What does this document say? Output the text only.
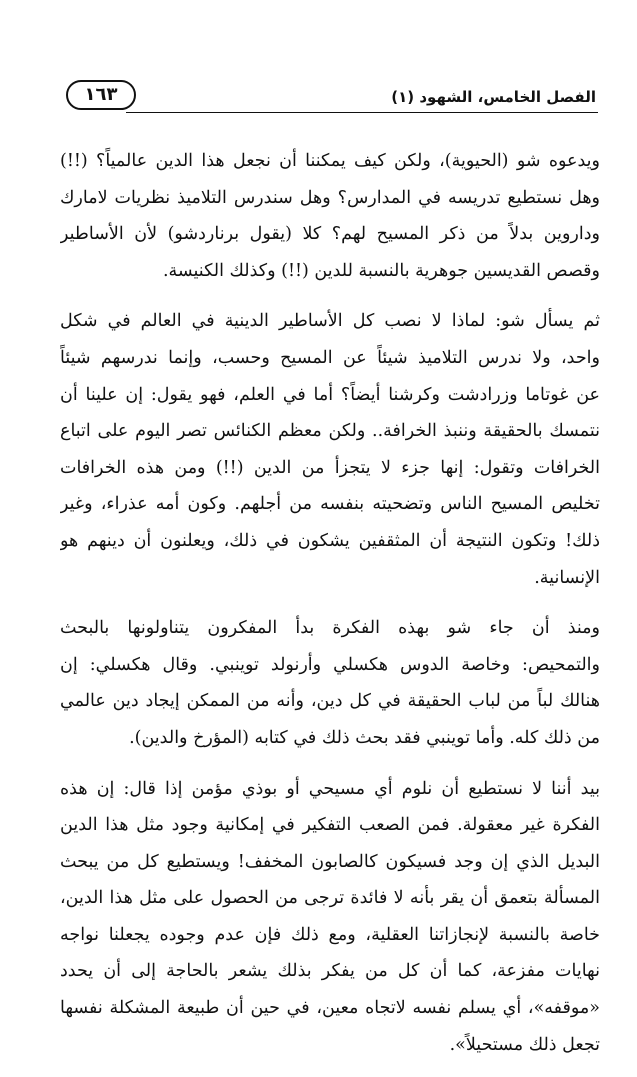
١٦٣	الفصل الخامس، الشهود (١)
ويدعوه شو (الحيوية)، ولكن كيف يمكننا أن نجعل هذا الدين عالمياً؟ (!!)
وهل نستطيع تدريسه في المدارس؟ وهل سندرس التلاميذ نظريات لامارك
وداروين بدلاً من ذكر المسيح لهم؟ كلا (يقول برناردشو) لأن الأساطير
وقصص القديسين جوهرية بالنسبة للدين (!!) وكذلك الكنيسة.
ثم يسأل شو: لماذا لا نصب كل الأساطير الدينية في العالم في شكل
واحد، ولا ندرس التلاميذ شيئاً عن المسيح وحسب، وإنما ندرسهم شيئاً
عن غوتاما وزرادشت وكرشنا أيضاً؟ أما في العلم، فهو يقول: إن علينا أن
نتمسك بالحقيقة وننبذ الخرافة.. ولكن معظم الكنائس تصر اليوم على اتباع
الخرافات وتقول: إنها جزء لا يتجزأ من الدين (!!) ومن هذه الخرافات
تخليص المسيح الناس وتضحيته بنفسه من أجلهم. وكون أمه عذراء، وغير
ذلك! وتكون النتيجة أن المثقفين يشكون في ذلك، ويعلنون أن دينهم هو
الإنسانية.
ومنذ أن جاء شو بهذه الفكرة بدأ المفكرون يتناولونها بالبحث
والتمحيص: وخاصة الدوس هكسلي وأرنولد توينبي. وقال هكسلي: إن
هنالك لباً من لباب الحقيقة في كل دين، وأنه من الممكن إيجاد دين عالمي
من ذلك كله. وأما توينبي فقد بحث ذلك في كتابه (المؤرخ والدين).
بيد أننا لا نستطيع أن نلوم أي مسيحي أو بوذي مؤمن إذا قال: إن هذه
الفكرة غير معقولة. فمن الصعب التفكير في إمكانية وجود مثل هذا الدين
البديل الذي إن وجد فسيكون كالصابون المخفف! ويستطيع كل من يبحث
المسألة بتعمق أن يقر بأنه لا فائدة ترجى من الحصول على مثل هذا الدين،
خاصة بالنسبة لإنجازاتنا العقلية، ومع ذلك فإن عدم وجوده يجعلنا نواجه
نهايات مفزعة، كما أن كل من يفكر بذلك يشعر بالحاجة إلى أن يحدد
«موقفه»، أي يسلم نفسه لاتجاه معين، في حين أن طبيعة المشكلة نفسها
تجعل ذلك مستحيلاً».
